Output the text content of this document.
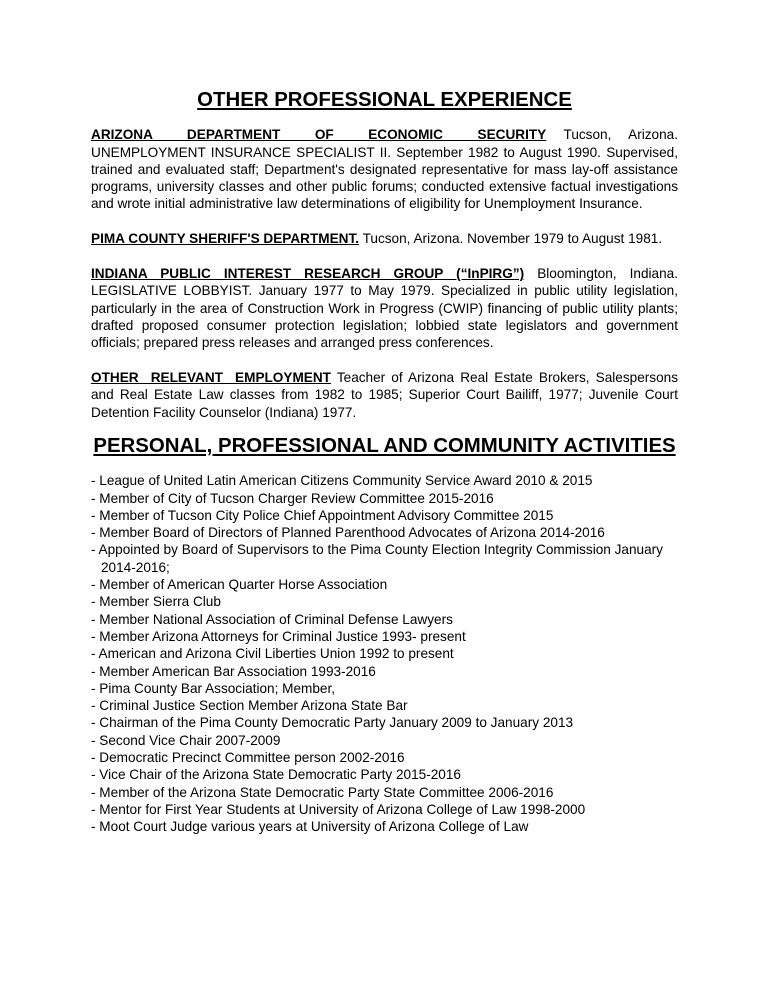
OTHER PROFESSIONAL EXPERIENCE

ARIZONA DEPARTMENT OF ECONOMIC SECURITY Tucson, Arizona. UNEMPLOYMENT INSURANCE SPECIALIST II. September 1982 to August 1990. Supervised, trained and evaluated staff; Department's designated representative for mass lay-off assistance programs, university classes and other public forums; conducted extensive factual investigations and wrote initial administrative law determinations of eligibility for Unemployment Insurance.

PIMA COUNTY SHERIFF'S DEPARTMENT. Tucson, Arizona. November 1979 to August 1981.

INDIANA PUBLIC INTEREST RESEARCH GROUP (“InPIRG”) Bloomington, Indiana. LEGISLATIVE LOBBYIST. January 1977 to May 1979. Specialized in public utility legislation, particularly in the area of Construction Work in Progress (CWIP) financing of public utility plants; drafted proposed consumer protection legislation; lobbied state legislators and government officials; prepared press releases and arranged press conferences.

OTHER RELEVANT EMPLOYMENT Teacher of Arizona Real Estate Brokers, Salespersons and Real Estate Law classes from 1982 to 1985; Superior Court Bailiff, 1977; Juvenile Court Detention Facility Counselor (Indiana) 1977.

PERSONAL, PROFESSIONAL AND COMMUNITY ACTIVITIES
- League of United Latin American Citizens Community Service Award 2010 & 2015
- Member of City of Tucson Charger Review Committee 2015-2016
- Member of Tucson City Police Chief Appointment Advisory Committee 2015
- Member Board of Directors of Planned Parenthood Advocates of Arizona 2014-2016
- Appointed by Board of Supervisors to the Pima County Election Integrity Commission January 2014-2016;
- Member of American Quarter Horse Association
- Member Sierra Club
- Member National Association of Criminal Defense Lawyers
- Member Arizona Attorneys for Criminal Justice 1993- present
- American and Arizona Civil Liberties Union 1992 to present
- Member American Bar Association 1993-2016
- Pima County Bar Association; Member,
- Criminal Justice Section Member Arizona State Bar
- Chairman of the Pima County Democratic Party January 2009 to January 2013
- Second Vice Chair 2007-2009
- Democratic Precinct Committee person 2002-2016
- Vice Chair of the Arizona State Democratic Party 2015-2016
- Member of the Arizona State Democratic Party State Committee 2006-2016
- Mentor for First Year Students at University of Arizona College of Law 1998-2000
- Moot Court Judge various years at University of Arizona College of Law
